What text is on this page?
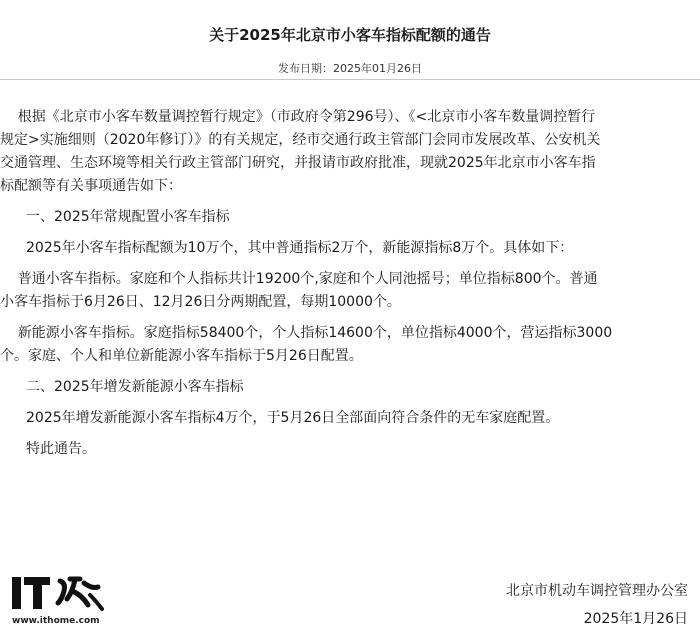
关于2025年北京市小客车指标配额的通告
发布日期：2025年01月26日
根据《北京市小客车数量调控暂行规定》（市政府令第296号）、《<北京市小客车数量调控暂行
规定>实施细则（2020年修订）》的有关规定，经市交通行政主管部门会同市发展改革、公安机关
交通管理、生态环境等相关行政主管部门研究，并报请市政府批准，现就2025年北京市小客车指
标配额等有关事项通告如下：
一、2025年常规配置小客车指标
2025年小客车指标配额为10万个，其中普通指标2万个，新能源指标8万个。具体如下：
普通小客车指标。家庭和个人指标共计19200个,家庭和个人同池摇号；单位指标800个。普通
小客车指标于6月26日、12月26日分两期配置，每期10000个。
新能源小客车指标。家庭指标58400个，个人指标14600个，单位指标4000个，营运指标3000
个。家庭、个人和单位新能源小客车指标于5月26日配置。
二、2025年增发新能源小客车指标
2025年增发新能源小客车指标4万个，于5月26日全部面向符合条件的无车家庭配置。
特此通告。
北京市机动车调控管理办公室
2025年1月26日
www.ithome.com
